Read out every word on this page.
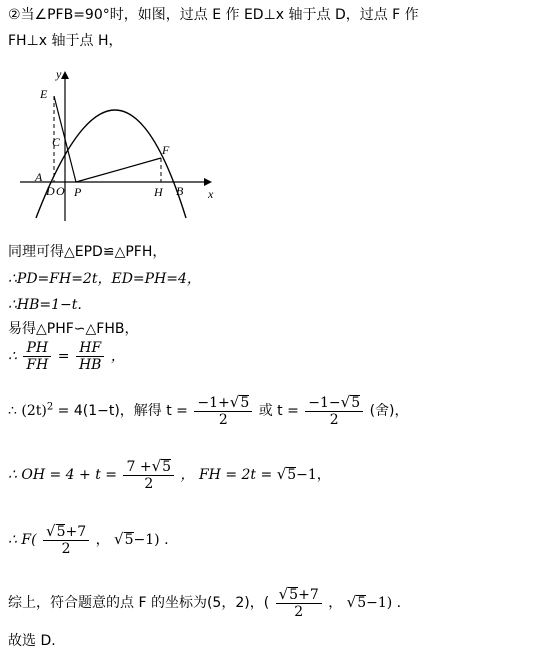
②当∠PFB=90°时，如图，过点 E 作 ED⊥x 轴于点 D，过点 F 作
FH⊥x 轴于点 H，
y
x
E
C
A
D O P
F
H B
同理可得△EPD≌△PFH，
∴PD=FH=2t，ED=PH=4，
∴HB=1−t.
易得△PHF∽△FHB，
∴ $\frac{PH}{FH} = \frac{HF}{HB}$ ，
∴ $(2t)^2 = 4(1-t)$，解得 $t = \frac{-1+√5}{2}$ 或 $t = \frac{-1-√5}{2}$ (舍)，
∴ OH = $4 + t = \frac{7 +√5}{2}$ ， FH = 2t = √5−1，
∴ $F( \frac{√5+7}{2}$ ， √5−1) .
综上，符合题意的点 F 的坐标为(5，2)，( $\frac{√5+7}{2}$ ， √5−1) .
故选 D.
